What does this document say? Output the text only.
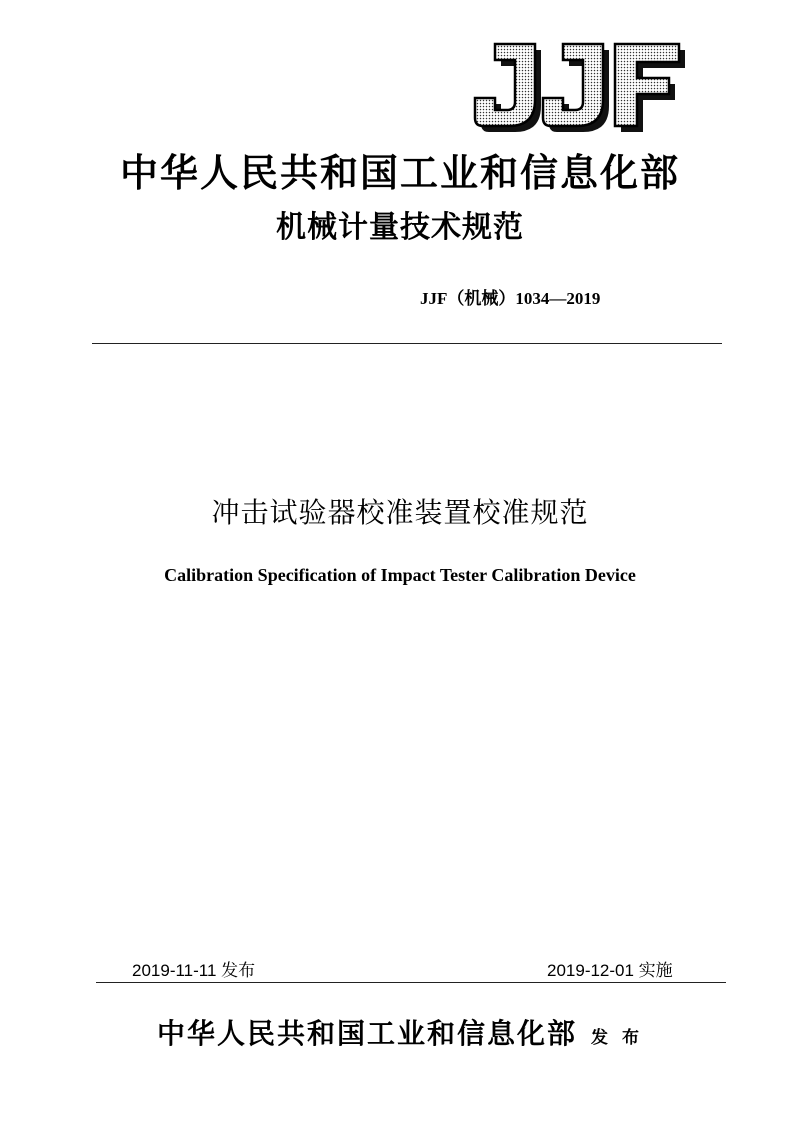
中华人民共和国工业和信息化部
机械计量技术规范
JJF（机械）1034—2019
冲击试验器校准装置校准规范
Calibration Specification of Impact Tester Calibration Device
2019-11-11 发布	2019-12-01 实施
中华人民共和国工业和信息化部 发 布
